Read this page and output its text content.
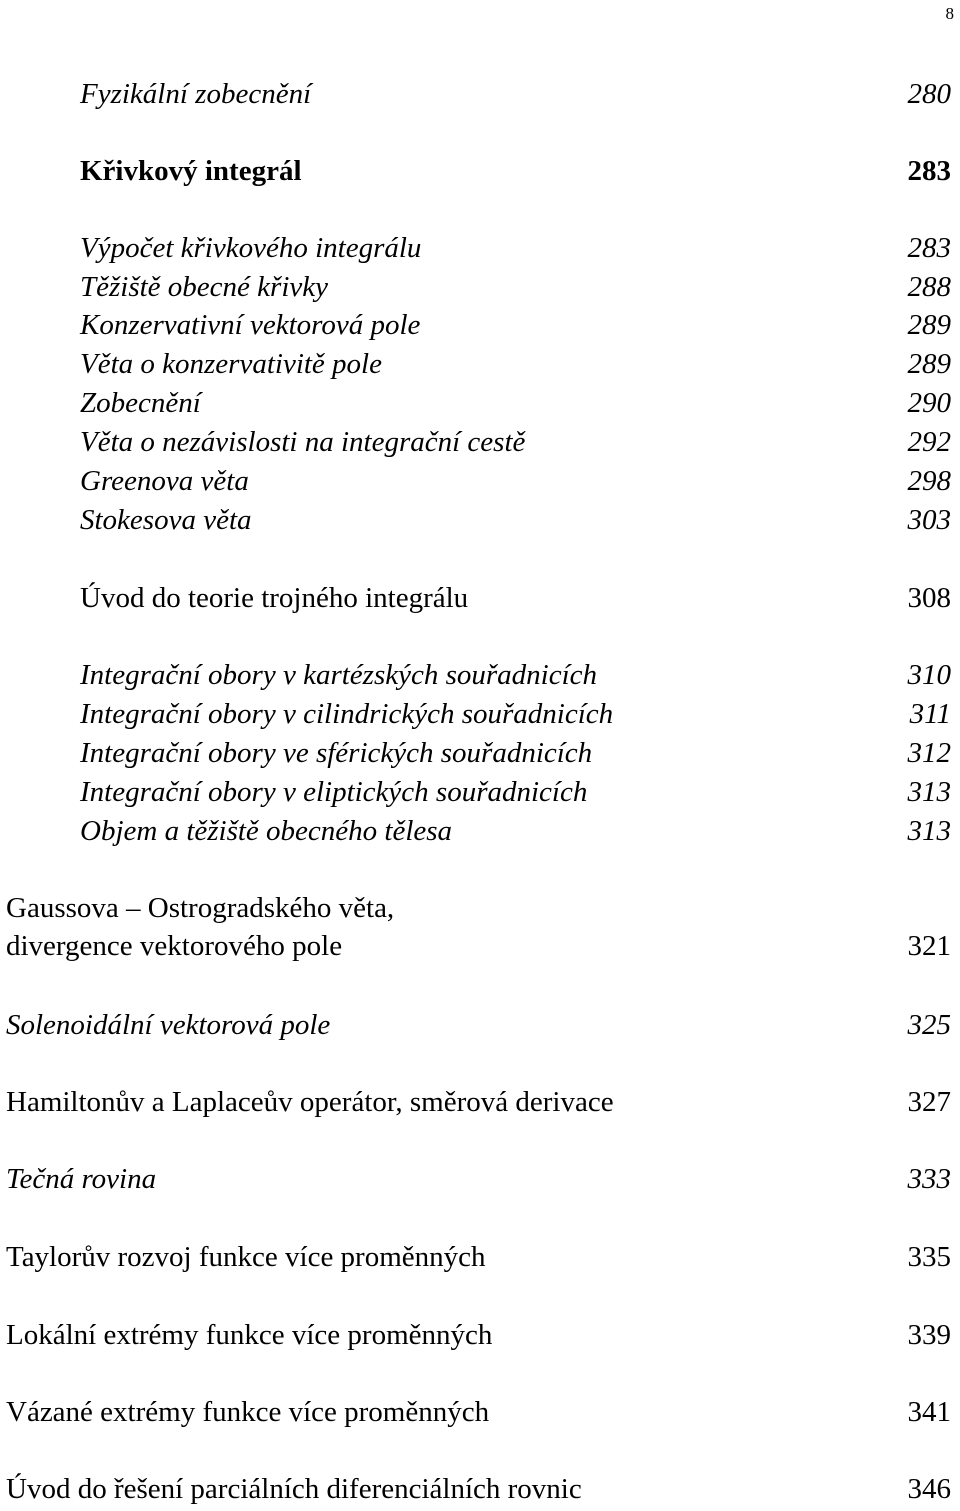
8
Fyzikální zobecnění	280
Křivkový integrál	283
Výpočet křivkového integrálu	283
Těžiště obecné křivky	288
Konzervativní vektorová pole	289
Věta o konzervativitě pole	289
Zobecnění	290
Věta o nezávislosti na integrační cestě	292
Greenova věta	298
Stokesova věta	303
Úvod do teorie trojného integrálu	308
Integrační obory v kartézských souřadnicích	310
Integrační obory v cilindrických souřadnicích	311
Integrační obory ve sférických souřadnicích	312
Integrační obory v eliptických souřadnicích	313
Objem a těžiště obecného tělesa	313
Gaussova – Ostrogradského věta,
divergence vektorového pole	321
Solenoidální vektorová pole	325
Hamiltonův a Laplaceův operátor, směrová derivace	327
Tečná rovina	333
Taylorův rozvoj funkce více proměnných	335
Lokální extrémy funkce více proměnných	339
Vázané extrémy funkce více proměnných	341
Úvod do řešení parciálních diferenciálních rovnic	346
